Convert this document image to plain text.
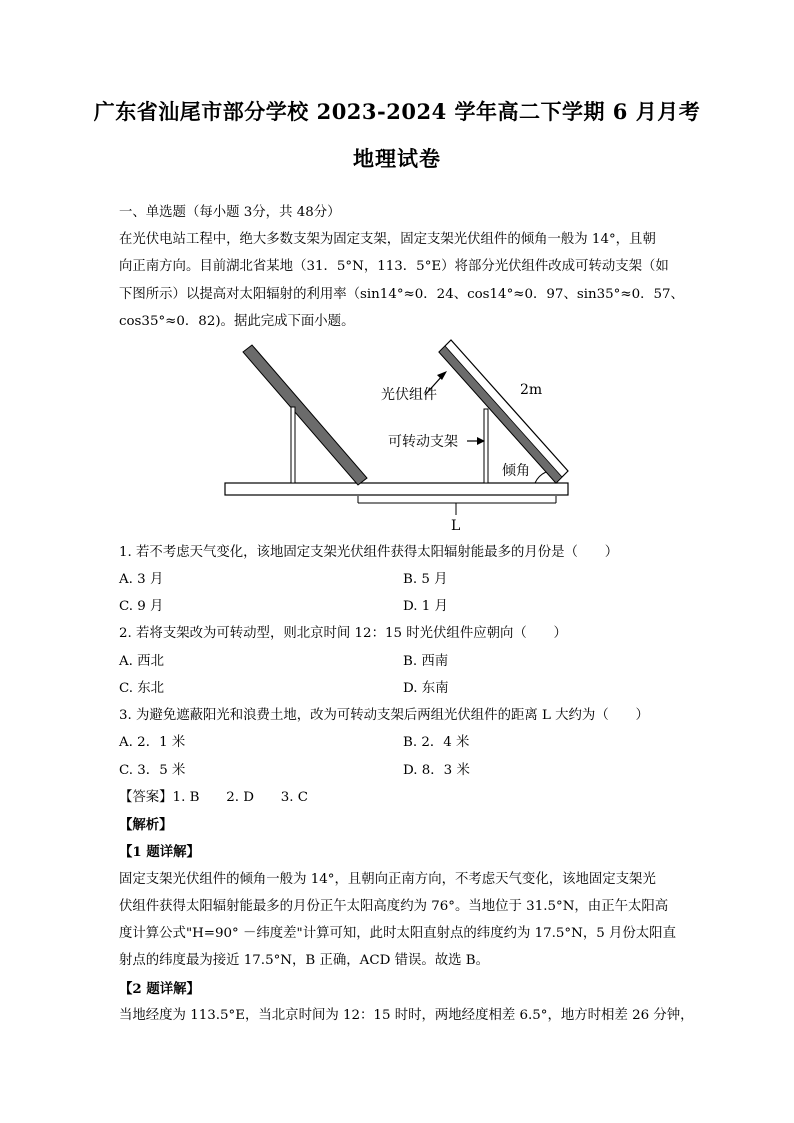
广东省汕尾市部分学校 2023-2024 学年高二下学期 6 月月考
地理试卷
一、单选题（每小题 3分，共 48分）
在光伏电站工程中，绝大多数支架为固定支架，固定支架光伏组件的倾角一般为 14°，且朝
向正南方向。目前湖北省某地（31．5°N，113．5°E）将部分光伏组件改成可转动支架（如
下图所示）以提高对太阳辐射的利用率（sin14°≈0．24、cos14°≈0．97、sin35°≈0．57、
cos35°≈0．82)。据此完成下面小题。
光伏组件	2m
可转动支架
倾角
L
1. 若不考虑天气变化，该地固定支架光伏组件获得太阳辐射能最多的月份是（　　）
A. 3 月	B. 5 月
C. 9 月	D. 1 月
2. 若将支架改为可转动型，则北京时间 12：15 时光伏组件应朝向（　　）
A. 西北	B. 西南
C. 东北	D. 东南
3. 为避免遮蔽阳光和浪费土地，改为可转动支架后两组光伏组件的距离 L 大约为（　　）
A. 2．1 米	B. 2．4 米
C. 3．5 米	D. 8．3 米
【答案】1. B　　2. D　　3. C
【解析】
【1 题详解】
固定支架光伏组件的倾角一般为 14°，且朝向正南方向，不考虑天气变化，该地固定支架光
伏组件获得太阳辐射能最多的月份正午太阳高度约为 76°。当地位于 31.5°N，由正午太阳高
度计算公式"H=90° －纬度差"计算可知，此时太阳直射点的纬度约为 17.5°N，5 月份太阳直
射点的纬度最为接近 17.5°N，B 正确，ACD 错误。故选 B。
【2 题详解】
当地经度为 113.5°E，当北京时间为 12：15 时时，两地经度相差 6.5°，地方时相差 26 分钟，
